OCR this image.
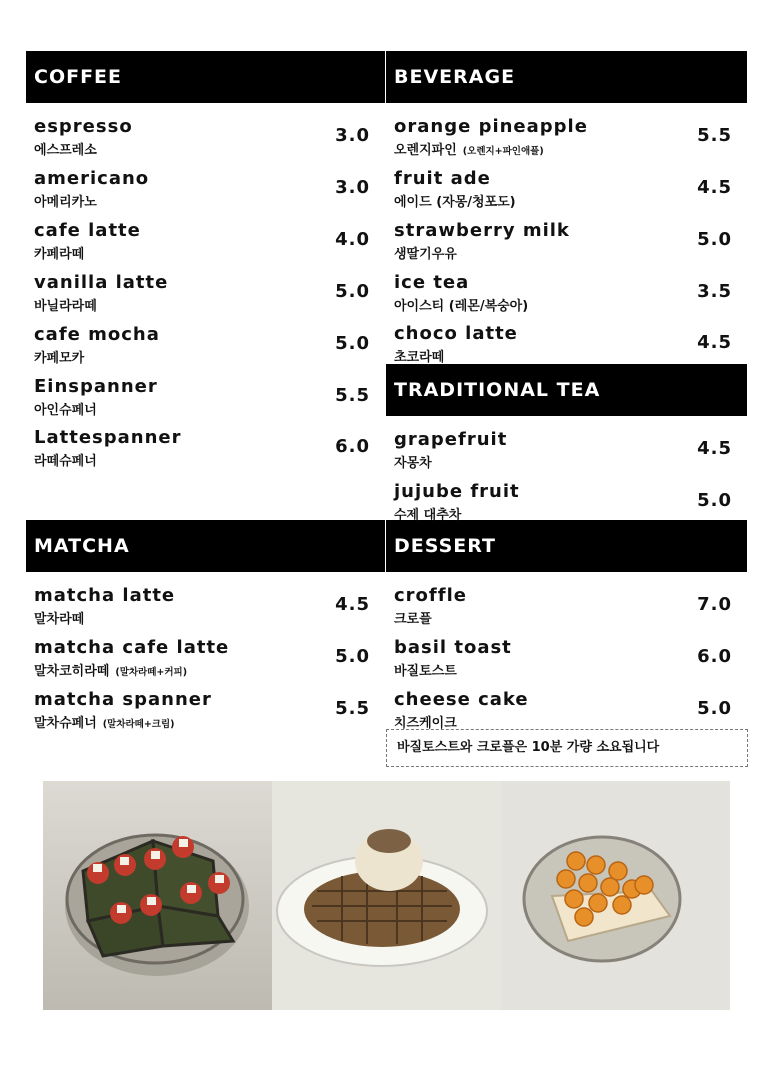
COFFEE	BEVERAGE
TRADITIONAL TEA
MATCHA	DESSERT
espresso
에스프레소
3.0
americano
아메리카노
3.0
cafe latte
카페라떼
4.0
vanilla latte
바닐라라떼
5.0
cafe mocha
카페모카
5.0
Einspanner
아인슈페너
5.5
Lattespanner
라떼슈페너
6.0
orange pineapple
오렌지파인 (오렌지+파인애플)
5.5
fruit ade
에이드 (자몽/청포도)
4.5
strawberry milk
생딸기우유
5.0
ice tea
아이스티 (레몬/복숭아)
3.5
choco latte
초코라떼
4.5
grapefruit
자몽차
4.5
jujube fruit
수제 대추차
5.0
matcha latte
말차라떼
4.5
matcha cafe latte
말차코히라떼 (말차라떼+커피)
5.0
matcha spanner
말차슈페너 (말차라떼+크림)
5.5
croffle
크로플
7.0
basil toast
바질토스트
6.0
cheese cake
치즈케이크
5.0
바질토스트와 크로플은 10분 가량 소요됩니다
